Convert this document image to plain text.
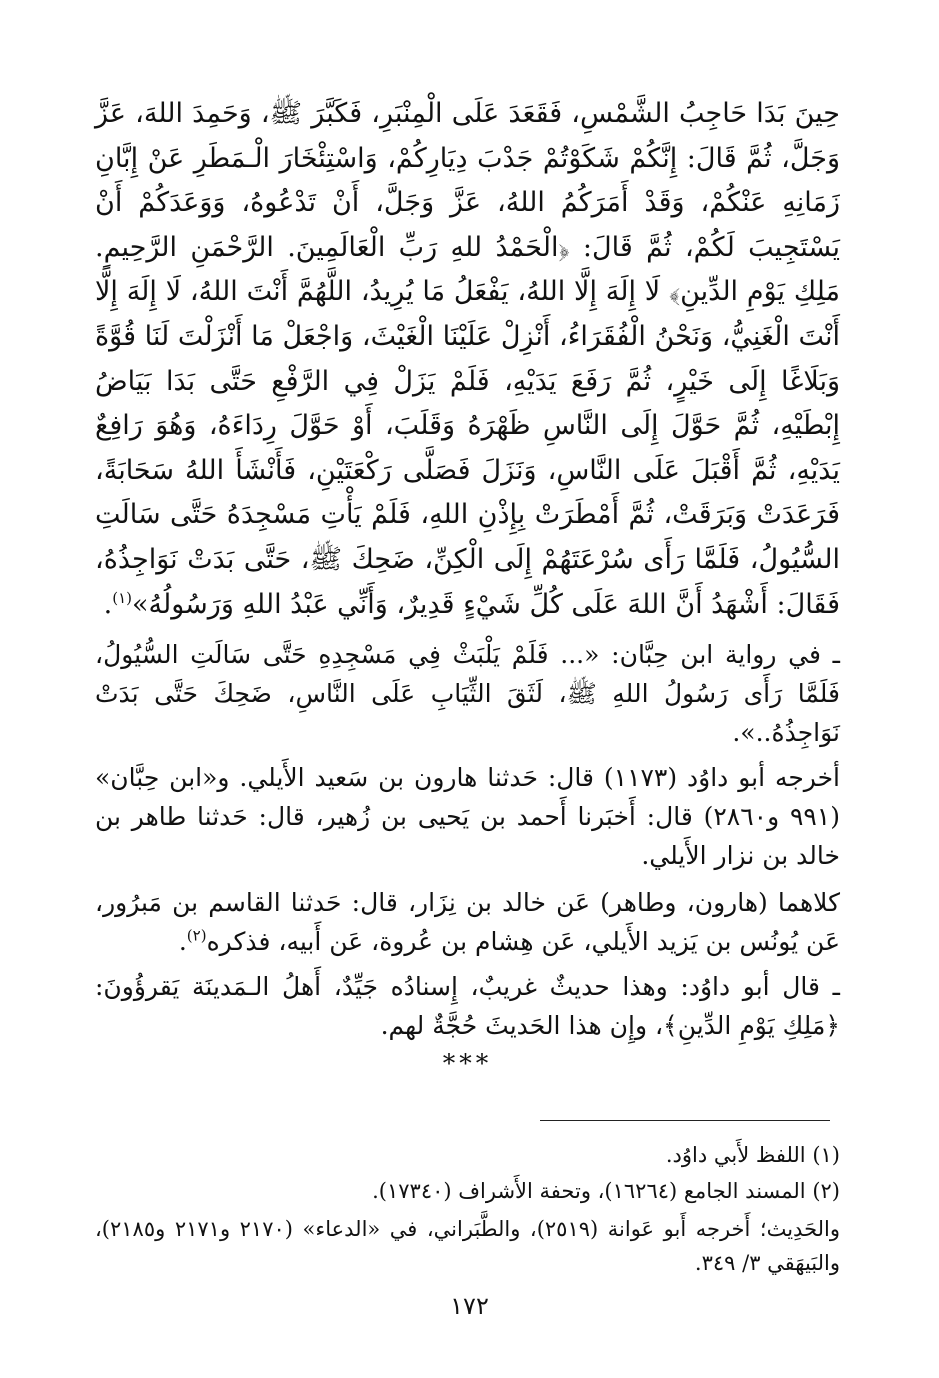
حِينَ بَدَا حَاجِبُ الشَّمْسِ، فَقَعَدَ عَلَى الْمِنْبَرِ، فَكَبَّرَ ﷺ، وَحَمِدَ اللهَ، عَزَّ وَجَلَّ، ثُمَّ قَالَ: إِنَّكُمْ شَكَوْتُمْ جَدْبَ دِيَارِكُمْ، وَاسْتِئْخَارَ الْـمَطَرِ عَنْ إِبَّانِ زَمَانِهِ عَنْكُمْ، وَقَدْ أَمَرَكُمُ اللهُ، عَزَّ وَجَلَّ، أَنْ تَدْعُوهُ، وَوَعَدَكُمْ أَنْ يَسْتَجِيبَ لَكُمْ، ثُمَّ قَالَ: ﴿الْحَمْدُ للهِ رَبِّ الْعَالَمِينَ. الرَّحْمَنِ الرَّحِيمِ. مَلِكِ يَوْمِ الدِّينِ﴾ لَا إِلَهَ إِلَّا اللهُ، يَفْعَلُ مَا يُرِيدُ، اللَّهُمَّ أَنْتَ اللهُ، لَا إِلَهَ إِلَّا أَنْتَ الْغَنِيُّ، وَنَحْنُ الْفُقَرَاءُ، أَنْزِلْ عَلَيْنَا الْغَيْثَ، وَاجْعَلْ مَا أَنْزَلْتَ لَنَا قُوَّةً وَبَلَاغًا إِلَى خَيْرٍ، ثُمَّ رَفَعَ يَدَيْهِ، فَلَمْ يَزَلْ فِي الرَّفْعِ حَتَّى بَدَا بَيَاضُ إِبْطَيْهِ، ثُمَّ حَوَّلَ إِلَى النَّاسِ ظَهْرَهُ وَقَلَبَ، أَوْ حَوَّلَ رِدَاءَهُ، وَهُوَ رَافِعٌ يَدَيْهِ، ثُمَّ أَقْبَلَ عَلَى النَّاسِ، وَنَزَلَ فَصَلَّى رَكْعَتَيْنِ، فَأَنْشَأَ اللهُ سَحَابَةً، فَرَعَدَتْ وَبَرَقَتْ، ثُمَّ أَمْطَرَتْ بِإِذْنِ اللهِ، فَلَمْ يَأْتِ مَسْجِدَهُ حَتَّى سَالَتِ السُّيُولُ، فَلَمَّا رَأَى سُرْعَتَهُمْ إِلَى الْكِنِّ، ضَحِكَ ﷺ، حَتَّى بَدَتْ نَوَاجِذُهُ، فَقَالَ: أَشْهَدُ أَنَّ اللهَ عَلَى كُلِّ شَيْءٍ قَدِيرٌ، وَأَنِّي عَبْدُ اللهِ وَرَسُولُهُ»$^{(١)}$.

ـ في رواية ابن حِبَّان: «... فَلَمْ يَلْبَثْ فِي مَسْجِدِهِ حَتَّى سَالَتِ السُّيُولُ، فَلَمَّا رَأَى رَسُولُ اللهِ ﷺ، لَثَقَ الثِّيَابِ عَلَى النَّاسِ، ضَحِكَ حَتَّى بَدَتْ نَوَاجِذُهُ..».

أخرجه أبو داوُد (١١٧٣) قال: حَدثنا هارون بن سَعيد الأَيلي. و«ابن حِبَّان» (٩٩١ و٢٨٦٠) قال: أَخبَرنا أَحمد بن يَحيى بن زُهير، قال: حَدثنا طاهر بن خالد بن نزار الأَيلي.

كلاهما (هارون، وطاهر) عَن خالد بن نِزَار، قال: حَدثنا القاسم بن مَبرُور، عَن يُونُس بن يَزيد الأَيلي، عَن هِشام بن عُروة، عَن أَبيه، فذكره$^{(٢)}$.

ـ قال أبو داوُد: وهذا حديثٌ غريبٌ، إِسنادُه جَيِّدٌ، أَهلُ الـمَدينَة يَقرؤُونَ: ﴿مَلِكِ يَوْمِ الدِّينِ﴾، وإِن هذا الحَديثَ حُجَّةٌ لهم.

***

(١) اللفظ لأَبي داوُد.

(٢) المسند الجامع (١٦٢٦٤)، وتحفة الأَشراف (١٧٣٤٠).

والحَدِيث؛ أَخرجه أَبو عَوانة (٢٥١٩)، والطَّبَراني، في «الدعاء» (٢١٧٠ و٢١٧١ و٢١٨٥)، والبَيهَقي ٣/ ٣٤٩.

١٧٢
